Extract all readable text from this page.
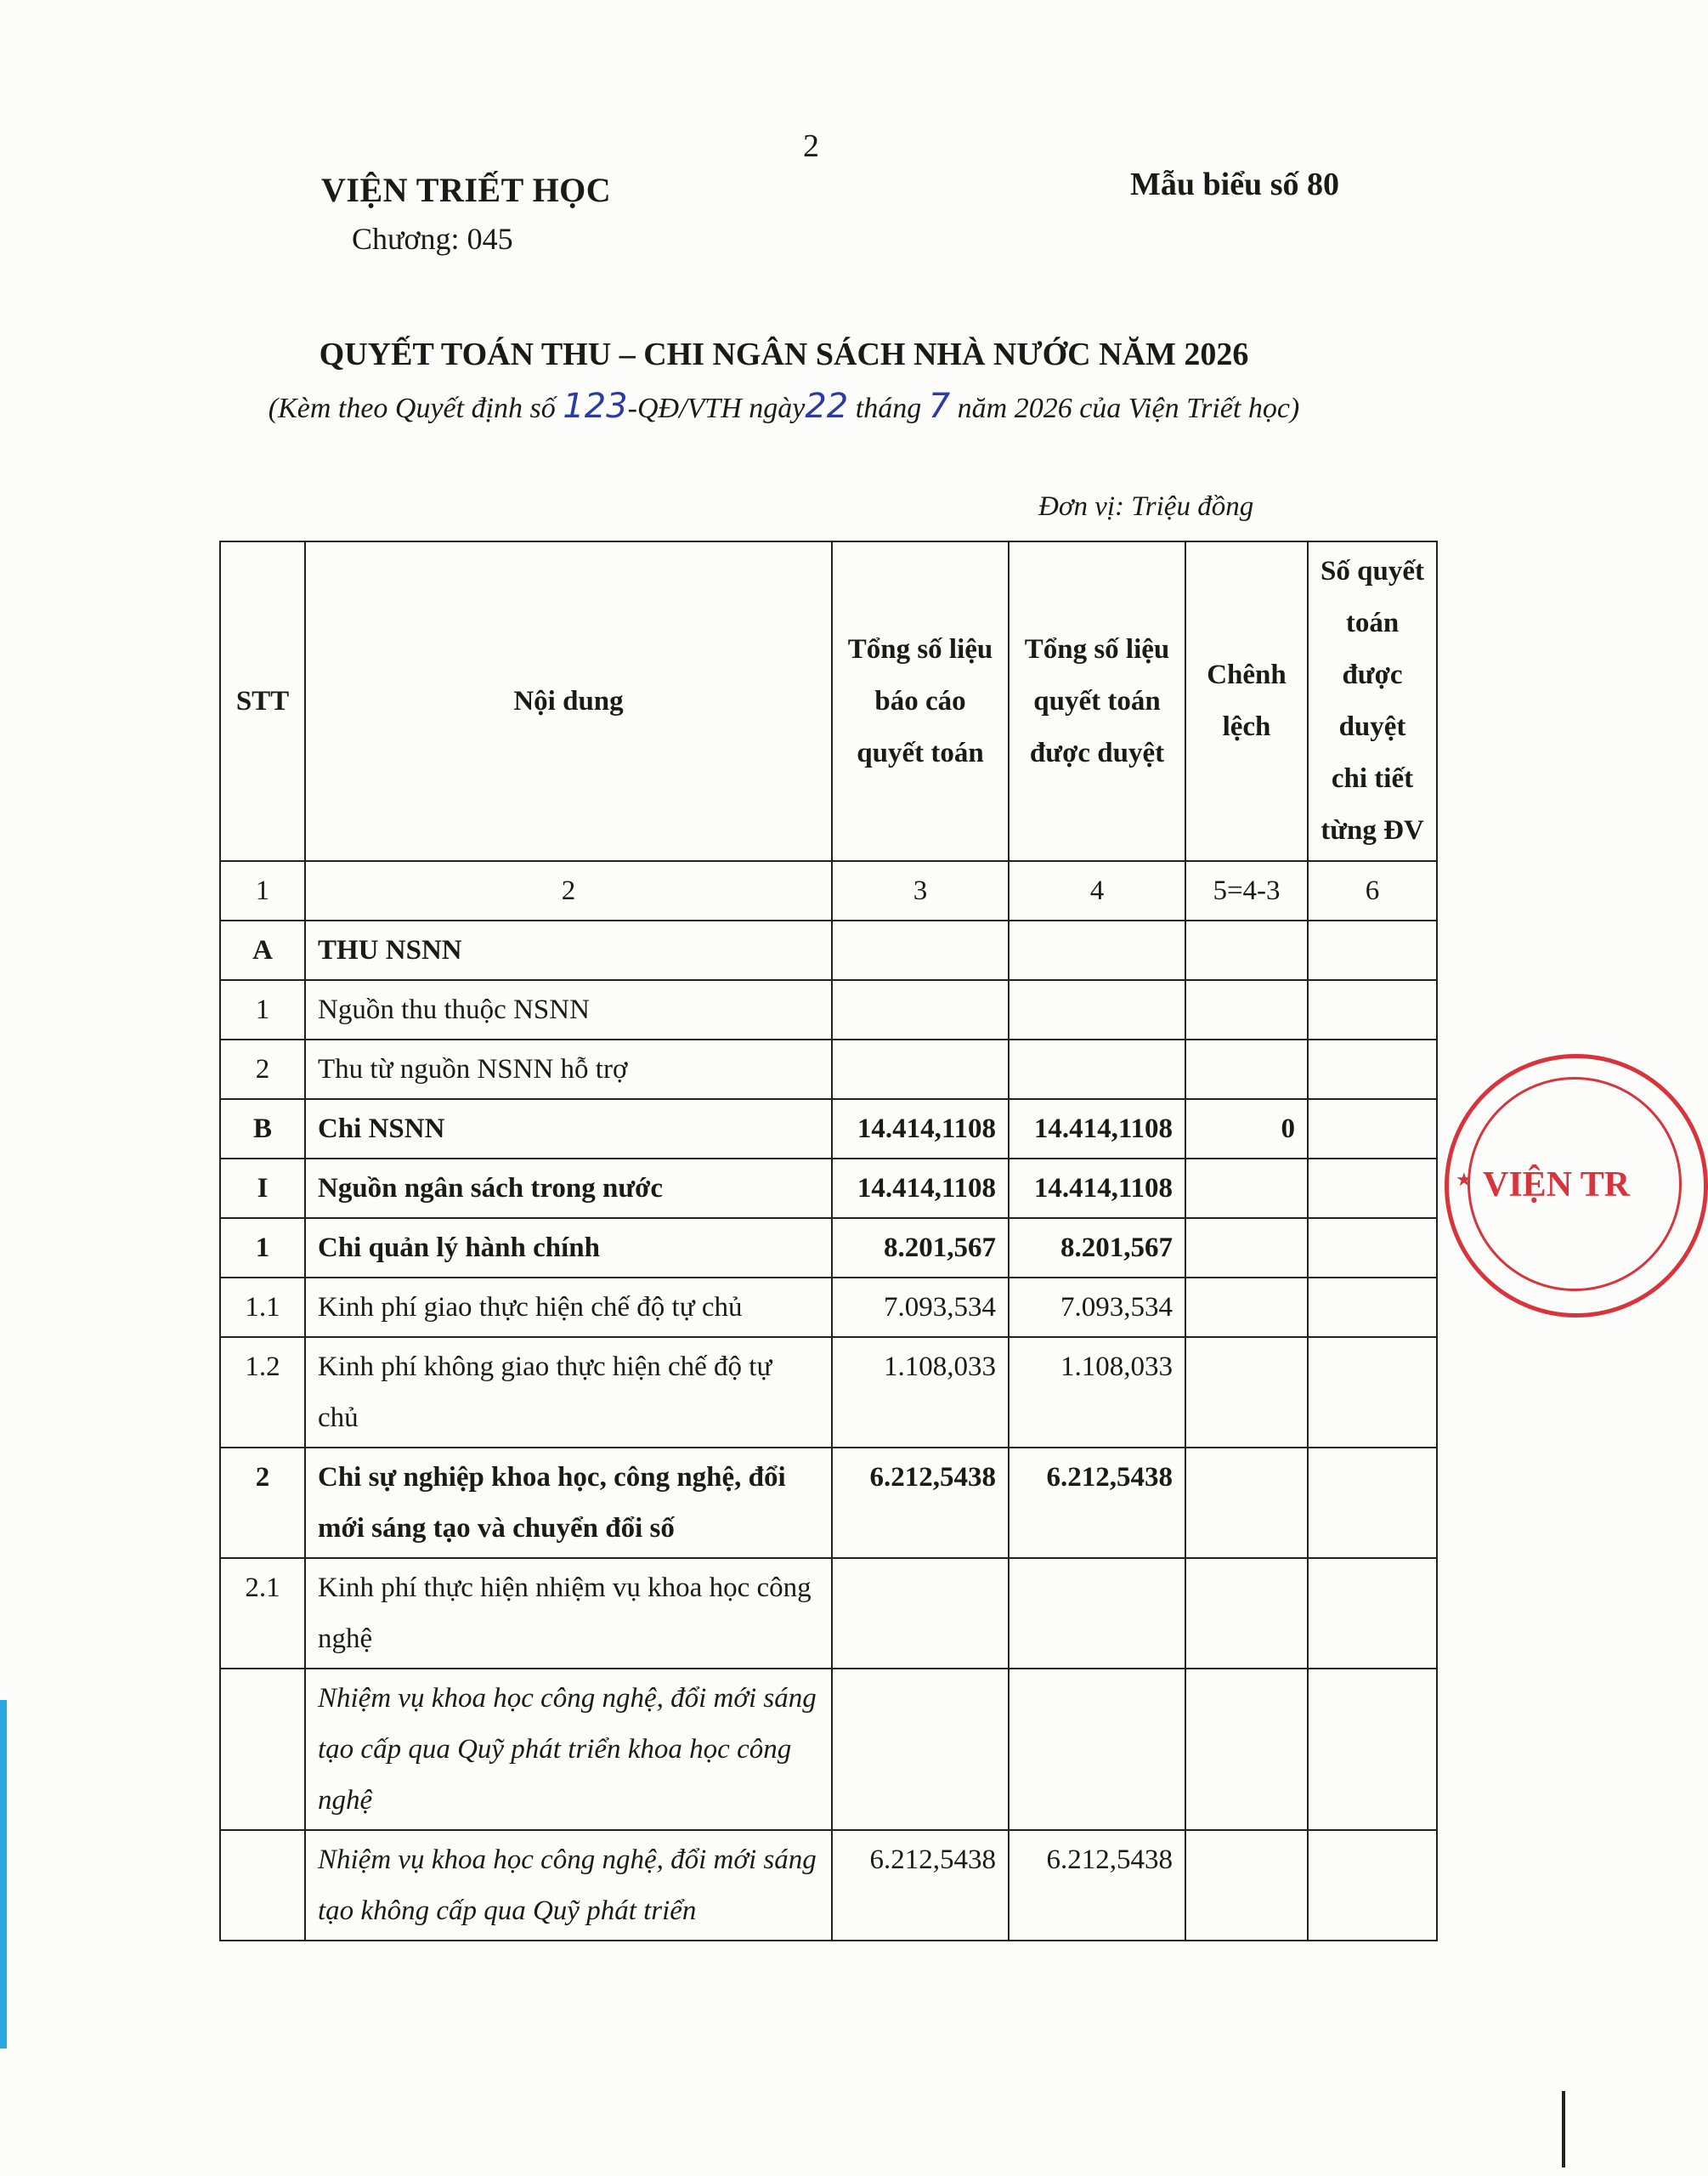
2
VIỆN TRIẾT HỌC
Chương: 045
Mẫu biểu số 80
QUYẾT TOÁN THU – CHI NGÂN SÁCH NHÀ NƯỚC NĂM 2026
(Kèm theo Quyết định số 123-QĐ/VTH ngày22 tháng 7 năm 2026 của Viện Triết học)
Đơn vị: Triệu đồng
STT	Nội dung	Tổng số liệu báo cáo quyết toán	Tổng số liệu quyết toán được duyệt	Chênh lệch	Số quyết toán được duyệt chi tiết từng ĐV
1	2	3	4	5=4-3	6
A	THU NSNN				
1	Nguồn thu thuộc NSNN				
2	Thu từ nguồn NSNN hỗ trợ				
B	Chi NSNN	14.414,1108	14.414,1108	0	
I	Nguồn ngân sách trong nước	14.414,1108	14.414,1108		
1	Chi quản lý hành chính	8.201,567	8.201,567		
1.1	Kinh phí giao thực hiện chế độ tự chủ	7.093,534	7.093,534		
1.2	Kinh phí không giao thực hiện chế độ tự chủ	1.108,033	1.108,033		
2	Chi sự nghiệp khoa học, công nghệ, đổi mới sáng tạo và chuyển đổi số	6.212,5438	6.212,5438		
2.1	Kinh phí thực hiện nhiệm vụ khoa học công nghệ				
	Nhiệm vụ khoa học công nghệ, đổi mới sáng tạo cấp qua Quỹ phát triển khoa học công nghệ				
	Nhiệm vụ khoa học công nghệ, đổi mới sáng tạo không cấp qua Quỹ phát triển	6.212,5438	6.212,5438		
★ VIỆN TR
